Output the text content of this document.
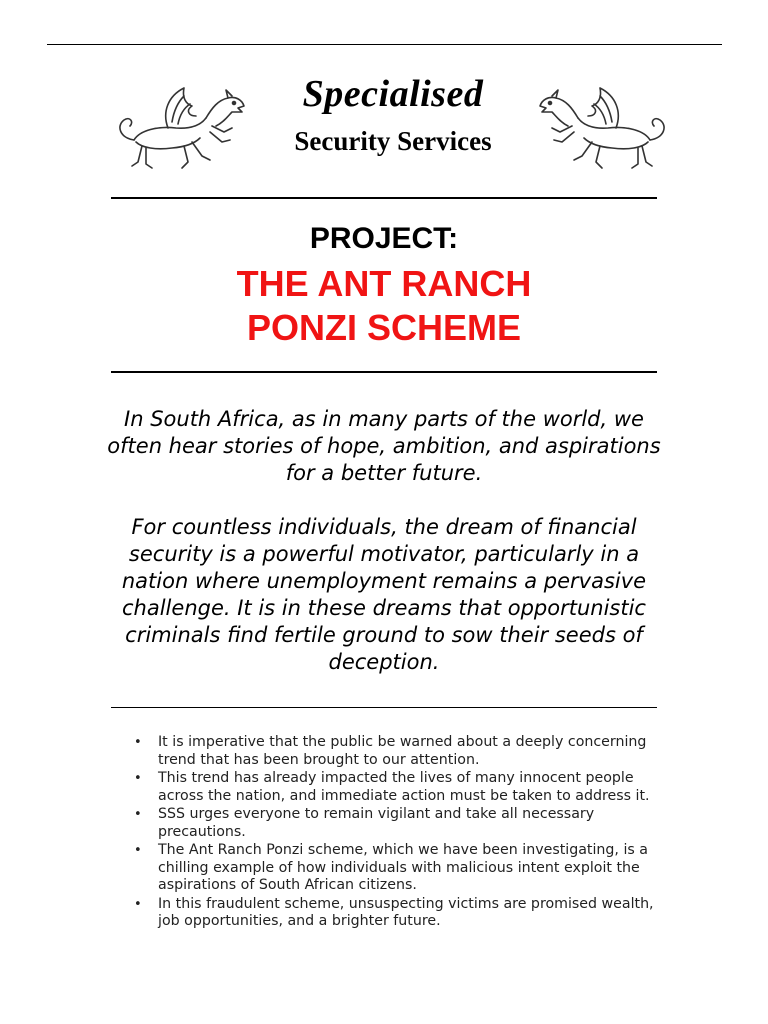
Specialised
Security Services
PROJECT:
THE ANT RANCH
PONZI SCHEME

In South Africa, as in many parts of the world, we often hear stories of hope, ambition, and aspirations for a better future.

For countless individuals, the dream of financial security is a powerful motivator, particularly in a nation where unemployment remains a pervasive challenge. It is in these dreams that opportunistic criminals find fertile ground to sow their seeds of deception.

• It is imperative that the public be warned about a deeply concerning trend that has been brought to our attention.
• This trend has already impacted the lives of many innocent people across the nation, and immediate action must be taken to address it.
• SSS urges everyone to remain vigilant and take all necessary precautions.
• The Ant Ranch Ponzi scheme, which we have been investigating, is a chilling example of how individuals with malicious intent exploit the aspirations of South African citizens.
• In this fraudulent scheme, unsuspecting victims are promised wealth, job opportunities, and a brighter future.
